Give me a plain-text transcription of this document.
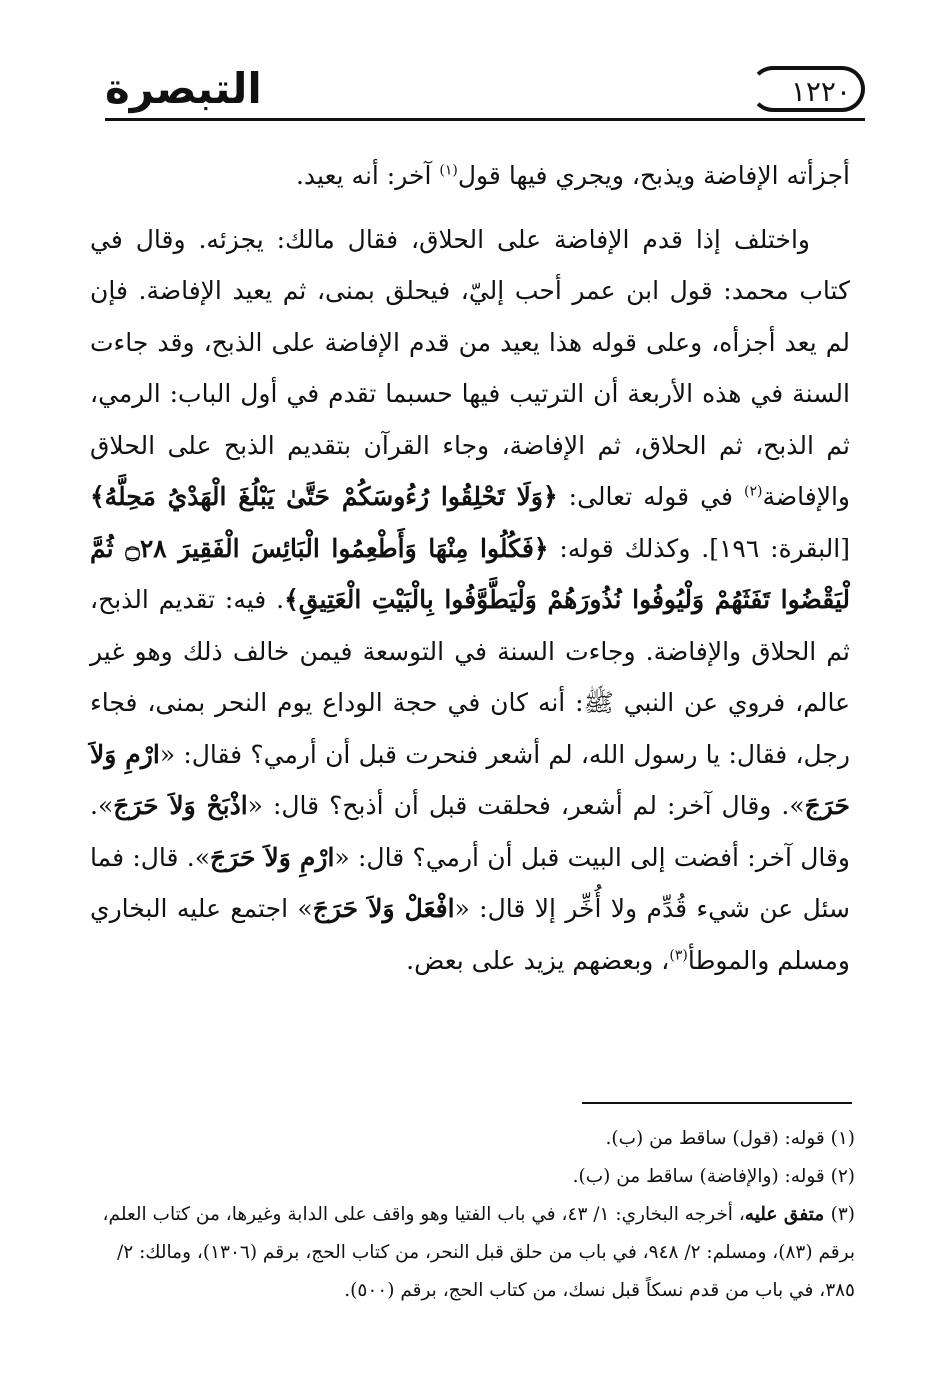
التبصرة	١٢٢٠

أجزأته الإفاضة ويذبح، ويجري فيها قول$^{(١)}$ آخر: أنه يعيد.

واختلف إذا قدم الإفاضة على الحلاق، فقال مالك: يجزئه. وقال في كتاب محمد: قول ابن عمر أحب إليّ، فيحلق بمنى، ثم يعيد الإفاضة. فإن لم يعد أجزأه، وعلى قوله هذا يعيد من قدم الإفاضة على الذبح، وقد جاءت السنة في هذه الأربعة أن الترتيب فيها حسبما تقدم في أول الباب: الرمي، ثم الذبح، ثم الحلاق، ثم الإفاضة، وجاء القرآن بتقديم الذبح على الحلاق والإفاضة$^{(٢)}$ في قوله تعالى: ﴿وَلَا تَحْلِقُوا رُءُوسَكُمْ حَتَّىٰ يَبْلُغَ الْهَدْيُ مَحِلَّهُ﴾ [البقرة: ١٩٦]. وكذلك قوله: ﴿فَكُلُوا مِنْهَا وَأَطْعِمُوا الْبَائِسَ الْفَقِيرَ ۝٢٨ ثُمَّ لْيَقْضُوا تَفَثَهُمْ وَلْيُوفُوا نُذُورَهُمْ وَلْيَطَّوَّفُوا بِالْبَيْتِ الْعَتِيقِ﴾. فيه: تقديم الذبح، ثم الحلاق والإفاضة. وجاءت السنة في التوسعة فيمن خالف ذلك وهو غير عالم، فروي عن النبي ﷺ: أنه كان في حجة الوداع يوم النحر بمنى، فجاء رجل، فقال: يا رسول الله، لم أشعر فنحرت قبل أن أرمي؟ فقال: «ارْمِ وَلاَ حَرَجَ». وقال آخر: لم أشعر، فحلقت قبل أن أذبح؟ قال: «اذْبَحْ وَلاَ حَرَجَ». وقال آخر: أفضت إلى البيت قبل أن أرمي؟ قال: «ارْمِ وَلاَ حَرَجَ». قال: فما سئل عن شيء قُدِّم ولا أُخِّر إلا قال: «افْعَلْ وَلاَ حَرَجَ» اجتمع عليه البخاري ومسلم والموطأ$^{(٣)}$، وبعضهم يزيد على بعض.

(١) قوله: (قول) ساقط من (ب).

(٢) قوله: (والإفاضة) ساقط من (ب).

(٣) متفق عليه، أخرجه البخاري: ١/ ٤٣، في باب الفتيا وهو واقف على الدابة وغيرها، من كتاب العلم، برقم (٨٣)، ومسلم: ٢/ ٩٤٨، في باب من حلق قبل النحر، من كتاب الحج، برقم (١٣٠٦)، ومالك: ٢/ ٣٨٥، في باب من قدم نسكاً قبل نسك، من كتاب الحج، برقم (٥٠٠).
